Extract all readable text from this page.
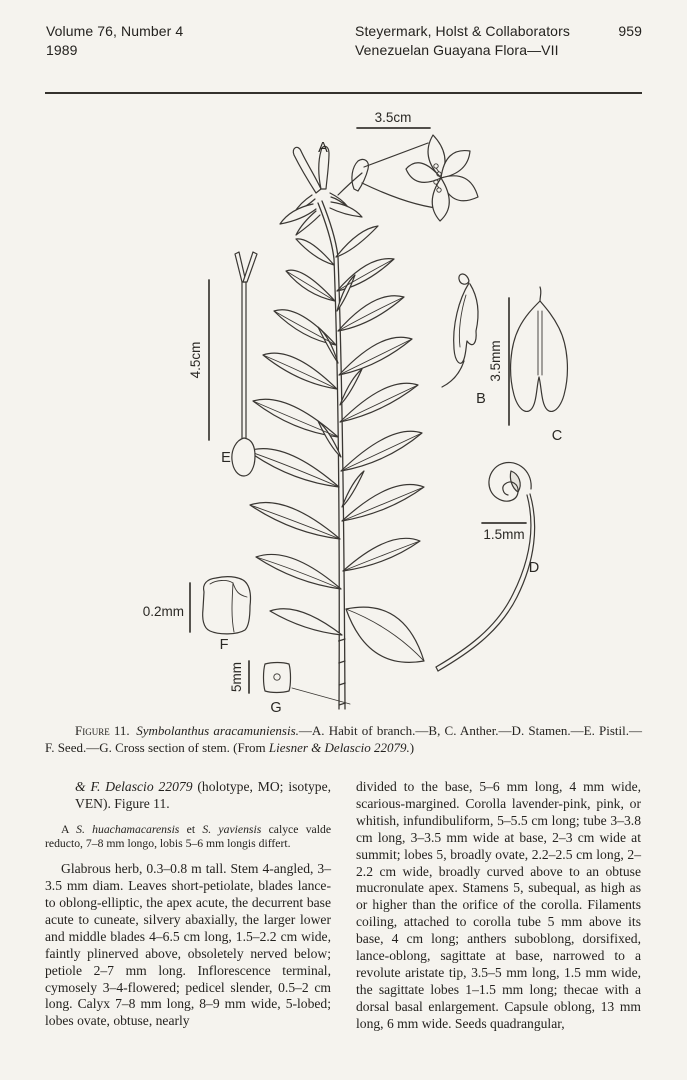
Volume 76, Number 4
1989
Steyermark, Holst & Collaborators
Venezuelan Guayana Flora—VII
959
3.5cm
4.5cm	3.5mm
1.5mm
0.2mm
5mm
A
B
C
D
E
F
G
Figure 11.  Symbolanthus aracamuniensis.—A. Habit of branch.—B, C. Anther.—D. Stamen.—E. Pistil.—F. Seed.—G. Cross section of stem. (From Liesner & Delascio 22079.)

& F. Delascio 22079 (holotype, MO; isotype, VEN). Figure 11.

A S. huachamacarensis et S. yaviensis calyce valde reducto, 7–8 mm longo, lobis 5–6 mm longis differt.

Glabrous herb, 0.3–0.8 m tall. Stem 4-angled, 3–3.5 mm diam. Leaves short-petiolate, blades lance- to oblong-elliptic, the apex acute, the decurrent base acute to cuneate, silvery abaxially, the larger lower and middle blades 4–6.5 cm long, 1.5–2.2 cm wide, faintly plinerved above, obsoletely nerved below; petiole 2–7 mm long. Inflorescence terminal, cymosely 3–4-flowered; pedicel slender, 0.5–2 cm long. Calyx 7–8 mm long, 8–9 mm wide, 5-lobed; lobes ovate, obtuse, nearly

divided to the base, 5–6 mm long, 4 mm wide, scarious-margined. Corolla lavender-pink, pink, or whitish, infundibuliform, 5–5.5 cm long; tube 3–3.8 cm long, 3–3.5 mm wide at base, 2–3 cm wide at summit; lobes 5, broadly ovate, 2.2–2.5 cm long, 2–2.2 cm wide, broadly curved above to an obtuse mucronulate apex. Stamens 5, subequal, as high as or higher than the orifice of the corolla. Filaments coiling, attached to corolla tube 5 mm above its base, 4 cm long; anthers suboblong, dorsifixed, lance-oblong, sagittate at base, narrowed to a revolute aristate tip, 3.5–5 mm long, 1.5 mm wide, the sagittate lobes 1–1.5 mm long; thecae with a dorsal basal enlargement. Capsule oblong, 13 mm long, 6 mm wide. Seeds quadrangular,
